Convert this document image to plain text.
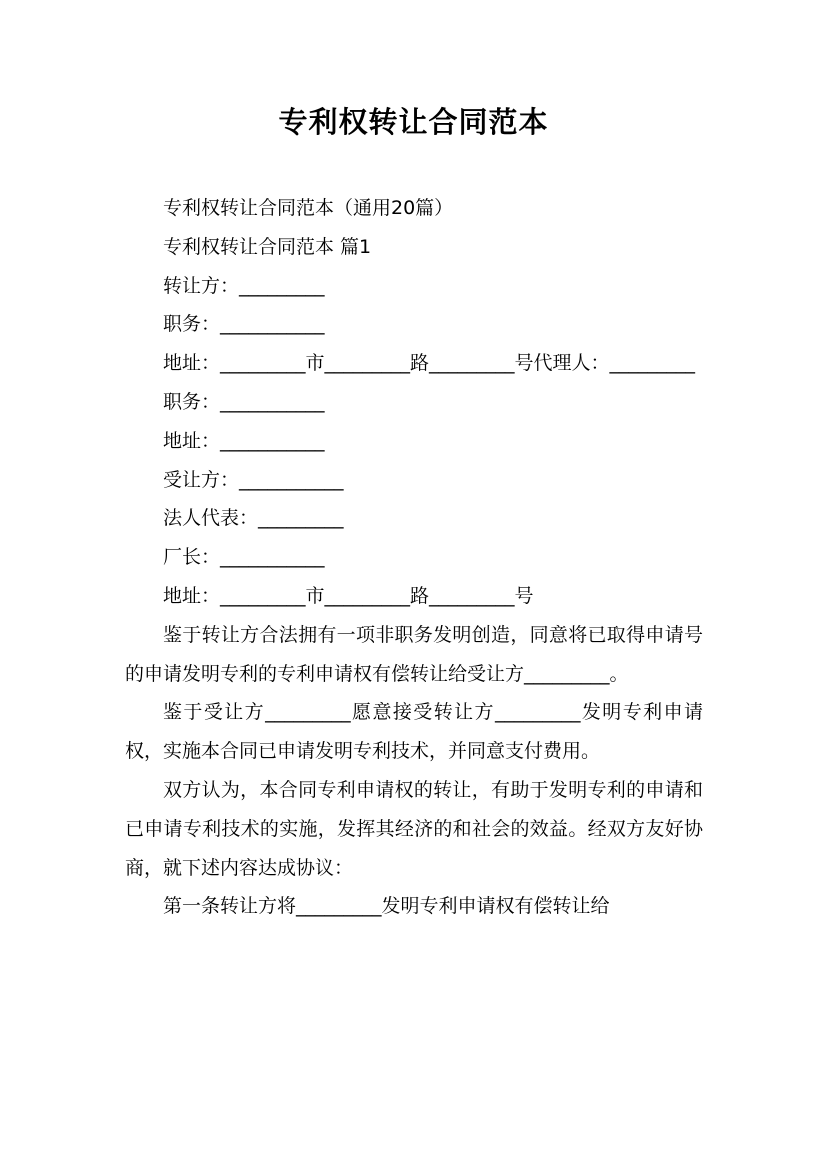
专利权转让合同范本
专利权转让合同范本（通用20篇）
专利权转让合同范本 篇1
转让方：_________
职务：___________
地址：_________市_________路_________号代理人：_________
职务：___________
地址：___________
受让方：___________
法人代表：_________
厂长：___________
地址：_________市_________路_________号

鉴于转让方合法拥有一项非职务发明创造，同意将已取得申请号的申请发明专利的专利申请权有偿转让给受让方_________。

鉴于受让方_________愿意接受转让方_________发明专利申请权，实施本合同已申请发明专利技术，并同意支付费用。

双方认为，本合同专利申请权的转让，有助于发明专利的申请和已申请专利技术的实施，发挥其经济的和社会的效益。经双方友好协商，就下述内容达成协议：

第一条转让方将_________发明专利申请权有偿转让给
